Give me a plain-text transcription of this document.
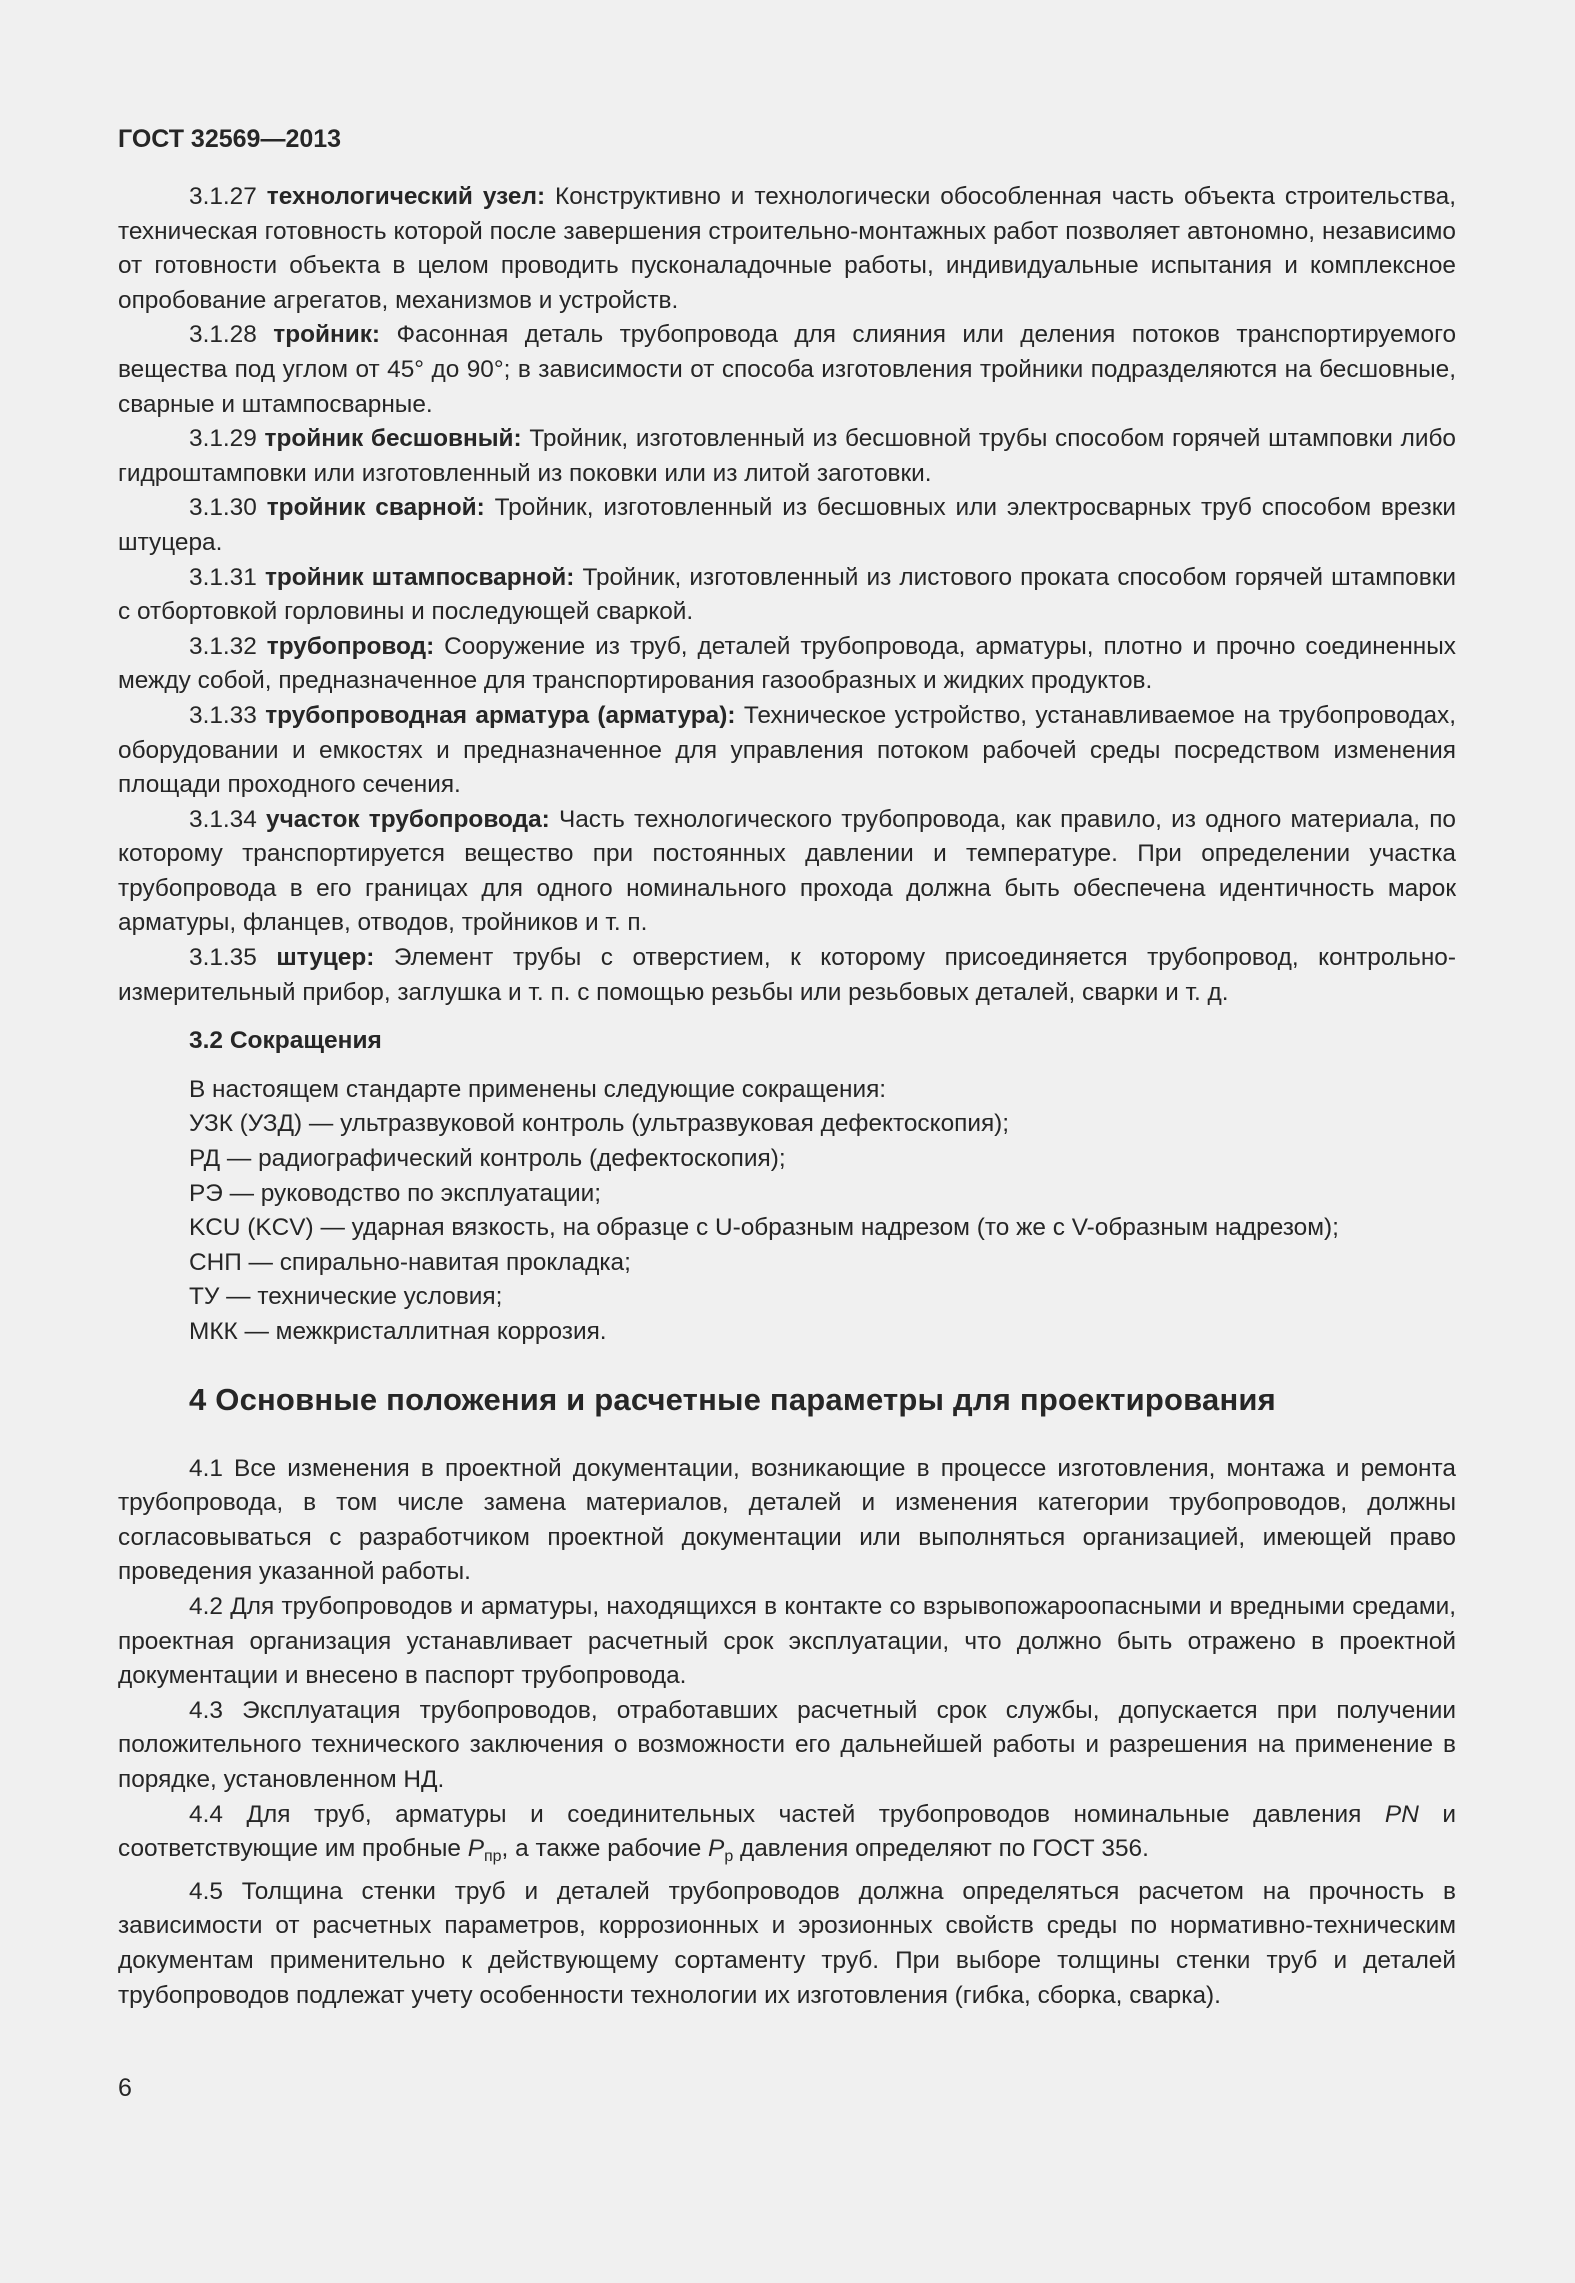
ГОСТ 32569—2013

3.1.27 технологический узел: Конструктивно и технологически обособленная часть объекта строительства, техническая готовность которой после завершения строительно-монтажных работ позволяет автономно, независимо от готовности объекта в целом проводить пусконаладочные работы, индивидуальные испытания и комплексное опробование агрегатов, механизмов и устройств.

3.1.28 тройник: Фасонная деталь трубопровода для слияния или деления потоков транспортируемого вещества под углом от 45° до 90°; в зависимости от способа изготовления тройники подразделяются на бесшовные, сварные и штампосварные.

3.1.29 тройник бесшовный: Тройник, изготовленный из бесшовной трубы способом горячей штамповки либо гидроштамповки или изготовленный из поковки или из литой заготовки.

3.1.30 тройник сварной: Тройник, изготовленный из бесшовных или электросварных труб способом врезки штуцера.

3.1.31 тройник штампосварной: Тройник, изготовленный из листового проката способом горячей штамповки с отбортовкой горловины и последующей сваркой.

3.1.32 трубопровод: Сооружение из труб, деталей трубопровода, арматуры, плотно и прочно соединенных между собой, предназначенное для транспортирования газообразных и жидких продуктов.

3.1.33 трубопроводная арматура (арматура): Техническое устройство, устанавливаемое на трубопроводах, оборудовании и емкостях и предназначенное для управления потоком рабочей среды посредством изменения площади проходного сечения.

3.1.34 участок трубопровода: Часть технологического трубопровода, как правило, из одного материала, по которому транспортируется вещество при постоянных давлении и температуре. При определении участка трубопровода в его границах для одного номинального прохода должна быть обеспечена идентичность марок арматуры, фланцев, отводов, тройников и т. п.

3.1.35 штуцер: Элемент трубы с отверстием, к которому присоединяется трубопровод, контрольно-измерительный прибор, заглушка и т. п. с помощью резьбы или резьбовых деталей, сварки и т. д.

3.2 Сокращения

В настоящем стандарте применены следующие сокращения:

УЗК (УЗД) — ультразвуковой контроль (ультразвуковая дефектоскопия);

РД — радиографический контроль (дефектоскопия);

РЭ — руководство по эксплуатации;

KCU (KCV) — ударная вязкость, на образце с U-образным надрезом (то же с V-образным надрезом);

СНП — спирально-навитая прокладка;

ТУ — технические условия;

МКК — межкристаллитная коррозия.

4 Основные положения и расчетные параметры для проектирования

4.1 Все изменения в проектной документации, возникающие в процессе изготовления, монтажа и ремонта трубопровода, в том числе замена материалов, деталей и изменения категории трубопроводов, должны согласовываться с разработчиком проектной документации или выполняться организацией, имеющей право проведения указанной работы.

4.2 Для трубопроводов и арматуры, находящихся в контакте со взрывопожароопасными и вредными средами, проектная организация устанавливает расчетный срок эксплуатации, что должно быть отражено в проектной документации и внесено в паспорт трубопровода.

4.3 Эксплуатация трубопроводов, отработавших расчетный срок службы, допускается при получении положительного технического заключения о возможности его дальнейшей работы и разрешения на применение в порядке, установленном НД.

4.4 Для труб, арматуры и соединительных частей трубопроводов номинальные давления PN и соответствующие им пробные $P_{пр}$, а также рабочие $P_р$ давления определяют по ГОСТ 356.

4.5 Толщина стенки труб и деталей трубопроводов должна определяться расчетом на прочность в зависимости от расчетных параметров, коррозионных и эрозионных свойств среды по нормативно-техническим документам применительно к действующему сортаменту труб. При выборе толщины стенки труб и деталей трубопроводов подлежат учету особенности технологии их изготовления (гибка, сборка, сварка).

6
